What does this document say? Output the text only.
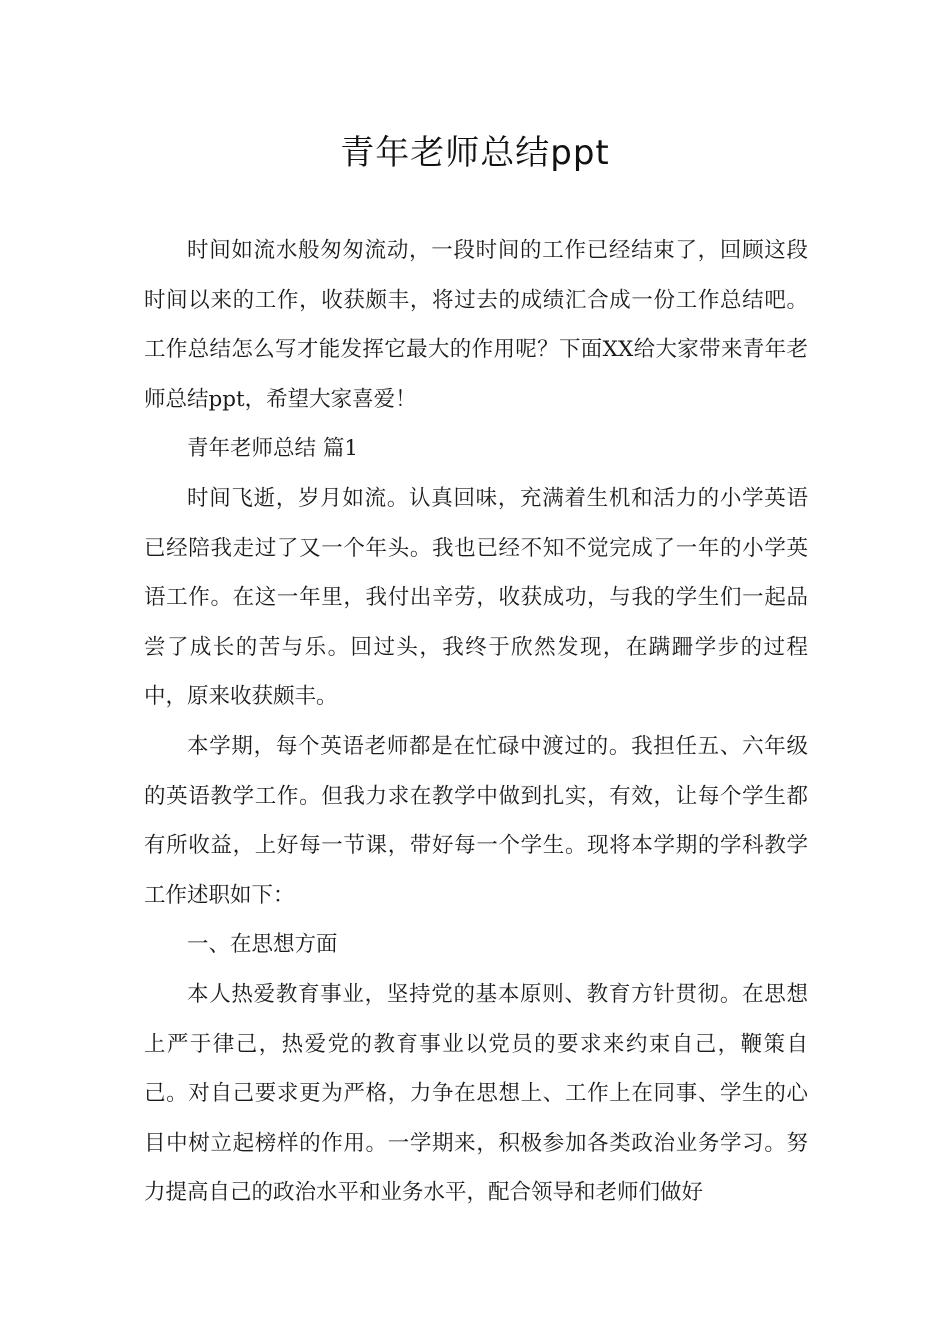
青年老师总结ppt

时间如流水般匆匆流动，一段时间的工作已经结束了，回顾这段时间以来的工作，收获颇丰，将过去的成绩汇合成一份工作总结吧。工作总结怎么写才能发挥它最大的作用呢？下面XX给大家带来青年老师总结ppt，希望大家喜爱！

青年老师总结 篇1

时间飞逝，岁月如流。认真回味，充满着生机和活力的小学英语已经陪我走过了又一个年头。我也已经不知不觉完成了一年的小学英语工作。在这一年里，我付出辛劳，收获成功，与我的学生们一起品尝了成长的苦与乐。回过头，我终于欣然发现，在蹒跚学步的过程中，原来收获颇丰。

本学期，每个英语老师都是在忙碌中渡过的。我担任五、六年级的英语教学工作。但我力求在教学中做到扎实，有效，让每个学生都有所收益，上好每一节课，带好每一个学生。现将本学期的学科教学工作述职如下：

一、在思想方面

本人热爱教育事业，坚持党的基本原则、教育方针贯彻。在思想上严于律己，热爱党的教育事业以党员的要求来约束自己，鞭策自己。对自己要求更为严格，力争在思想上、工作上在同事、学生的心目中树立起榜样的作用。一学期来，积极参加各类政治业务学习。努力提高自己的政治水平和业务水平，配合领导和老师们做好
